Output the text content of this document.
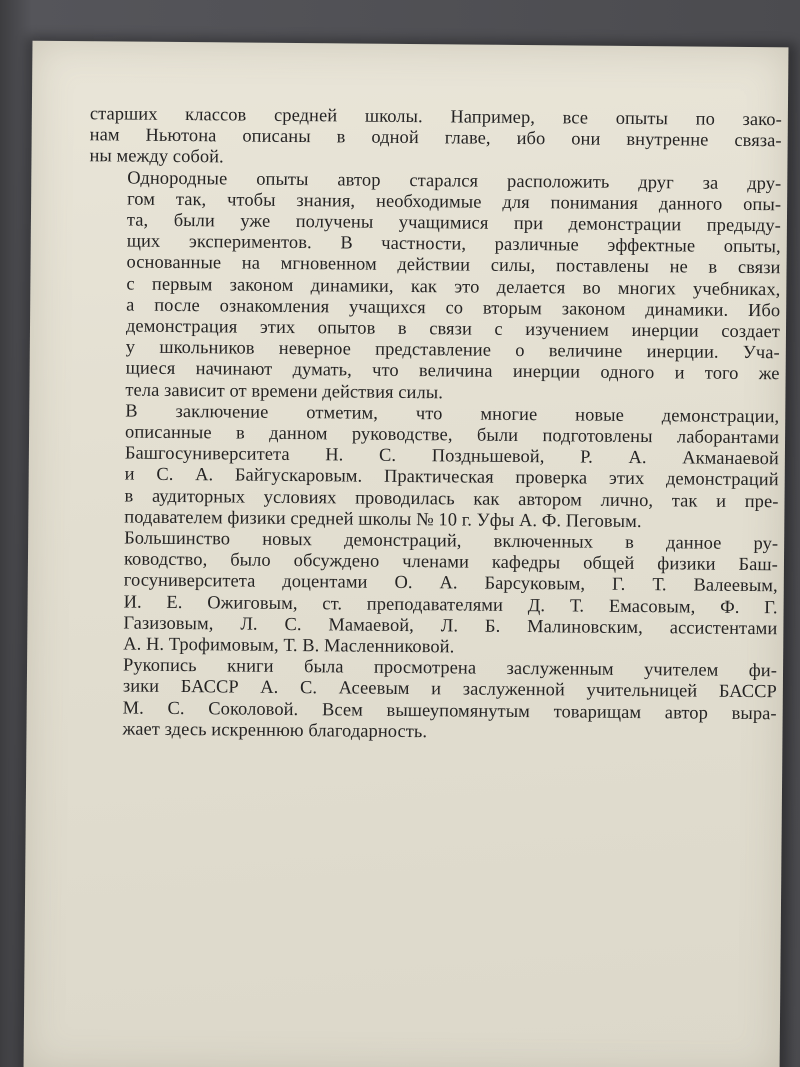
старших классов средней школы. Например, все опыты по зако-
нам Ньютона описаны в одной главе, ибо они внутренне связа-
ны между собой.

Однородные опыты автор старался расположить друг за дру-
гом так, чтобы знания, необходимые для понимания данного опы-
та, были уже получены учащимися при демонстрации предыду-
щих экспериментов. В частности, различные эффектные опыты,
основанные на мгновенном действии силы, поставлены не в связи
с первым законом динамики, как это делается во многих учебниках,
а после ознакомления учащихся со вторым законом динамики. Ибо
демонстрация этих опытов в связи с изучением инерции создает
у школьников неверное представление о величине инерции. Уча-
щиеся начинают думать, что величина инерции одного и того же
тела зависит от времени действия силы.

В заключение отметим, что многие новые демонстрации,
описанные в данном руководстве, были подготовлены лаборантами
Башгосуниверситета Н. С. Поздньшевой, Р. А. Акманаевой
и С. А. Байгускаровым. Практическая проверка этих демонстраций
в аудиторных условиях проводилась как автором лично, так и пре-
подавателем физики средней школы № 10 г. Уфы А. Ф. Пеговым.

Большинство новых демонстраций, включенных в данное ру-
ководство, было обсуждено членами кафедры общей физики Баш-
госуниверситета доцентами О. А. Барсуковым, Г. Т. Валеевым,
И. Е. Ожиговым, ст. преподавателями Д. Т. Емасовым, Ф. Г.
Газизовым, Л. С. Мамаевой, Л. Б. Малиновским, ассистентами
А. Н. Трофимовым, Т. В. Масленниковой.

Рукопись книги была просмотрена заслуженным учителем фи-
зики БАССР А. С. Асеевым и заслуженной учительницей БАССР
М. С. Соколовой. Всем вышеупомянутым товарищам автор выра-
жает здесь искреннюю благодарность.
